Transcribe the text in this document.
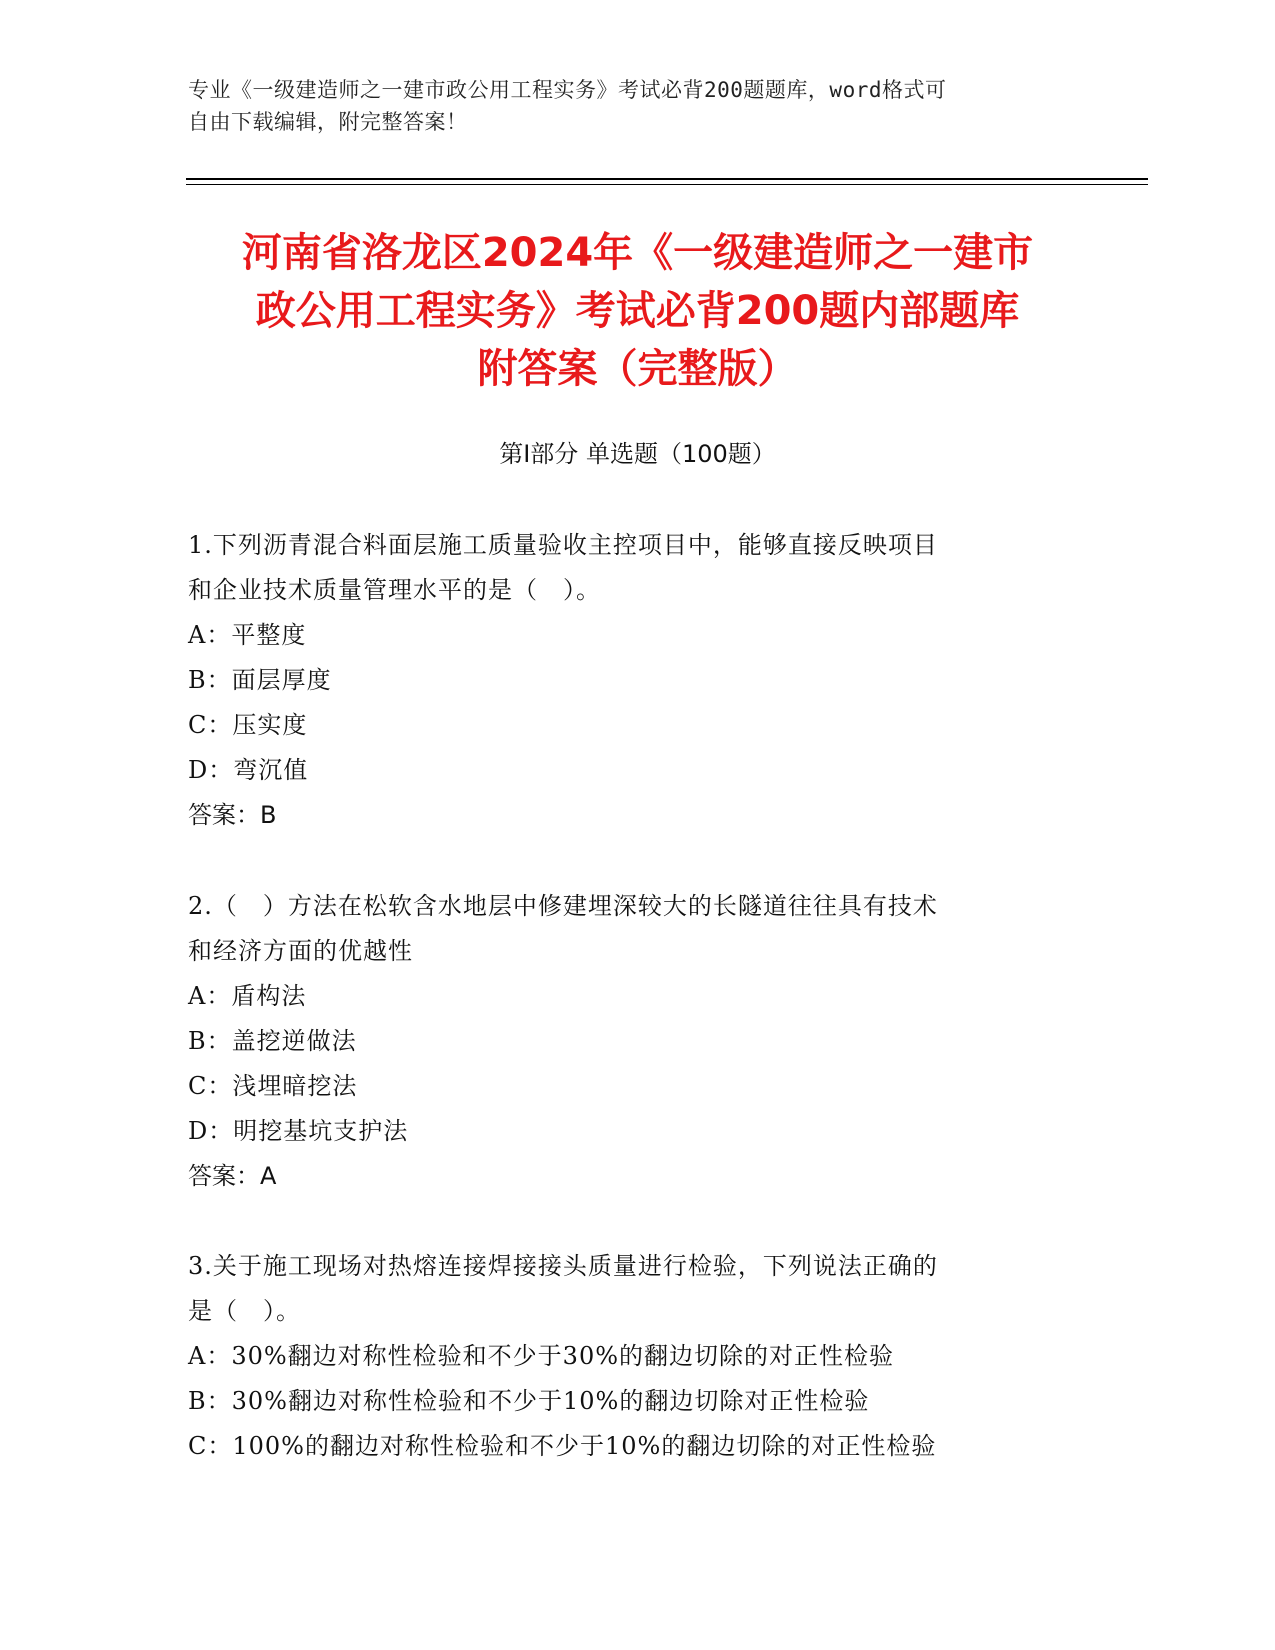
专业《一级建造师之一建市政公用工程实务》考试必背200题题库，word格式可
自由下载编辑，附完整答案！
河南省洛龙区2024年《一级建造师之一建市
政公用工程实务》考试必背200题内部题库
附答案（完整版）
第Ⅰ部分 单选题（100题）
1.下列沥青混合料面层施工质量验收主控项目中，能够直接反映项目
和企业技术质量管理水平的是（　）。
A：平整度
B：面层厚度
C：压实度
D：弯沉值
答案：B
2.（　）方法在松软含水地层中修建埋深较大的长隧道往往具有技术
和经济方面的优越性
A：盾构法
B：盖挖逆做法
C：浅埋暗挖法
D：明挖基坑支护法
答案：A
3.关于施工现场对热熔连接焊接接头质量进行检验，下列说法正确的
是（　）。
A：30%翻边对称性检验和不少于30%的翻边切除的对正性检验
B：30%翻边对称性检验和不少于10%的翻边切除对正性检验
C：100%的翻边对称性检验和不少于10%的翻边切除的对正性检验
